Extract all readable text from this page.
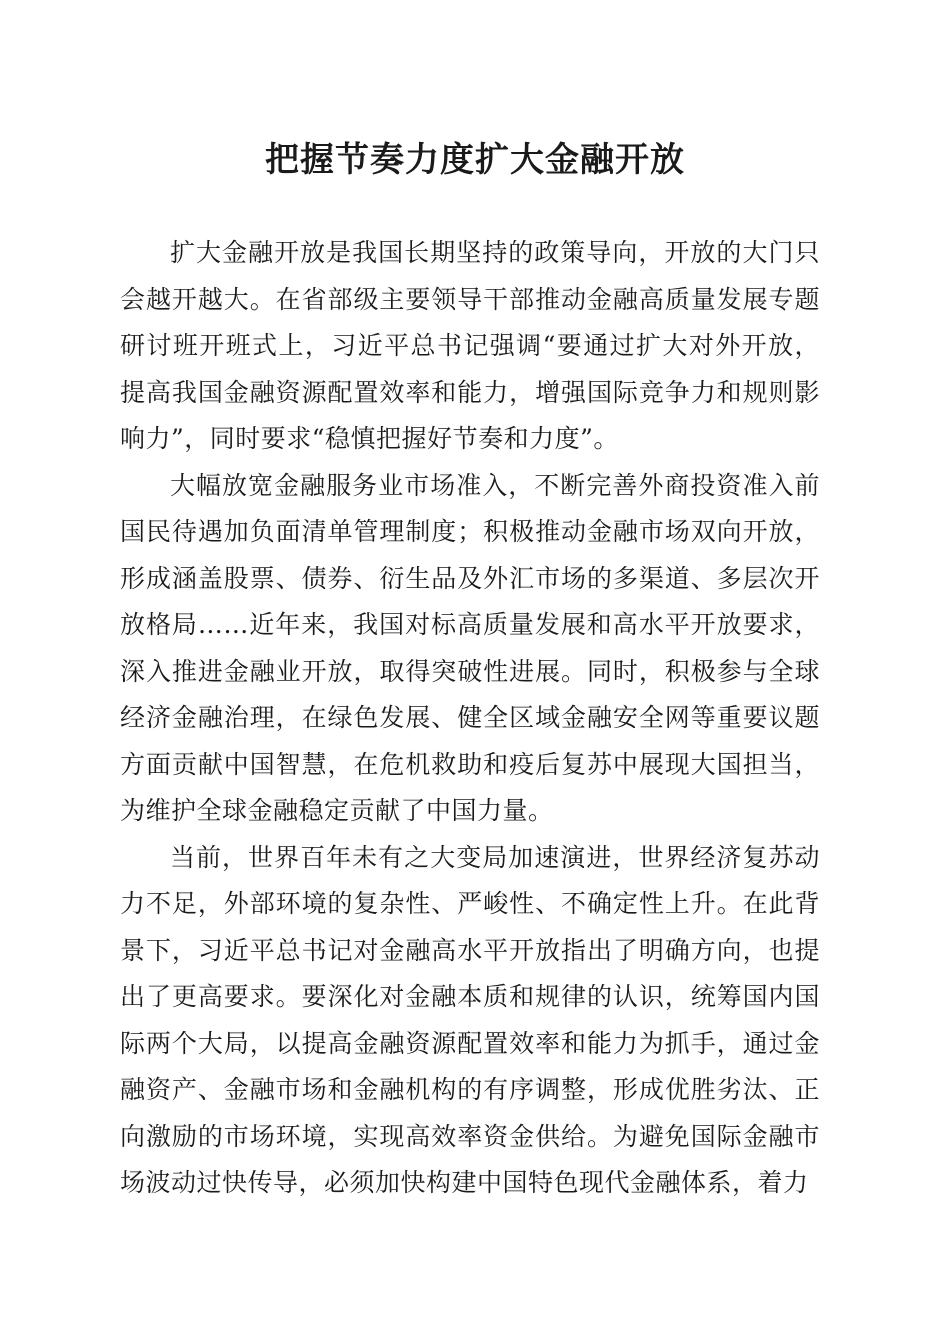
把握节奏力度扩大金融开放

扩大金融开放是我国长期坚持的政策导向，开放的大门只会越开越大。在省部级主要领导干部推动金融高质量发展专题研讨班开班式上，习近平总书记强调“要通过扩大对外开放，提高我国金融资源配置效率和能力，增强国际竞争力和规则影响力”，同时要求“稳慎把握好节奏和力度”。

大幅放宽金融服务业市场准入，不断完善外商投资准入前国民待遇加负面清单管理制度；积极推动金融市场双向开放，形成涵盖股票、债券、衍生品及外汇市场的多渠道、多层次开放格局……近年来，我国对标高质量发展和高水平开放要求，深入推进金融业开放，取得突破性进展。同时，积极参与全球经济金融治理，在绿色发展、健全区域金融安全网等重要议题方面贡献中国智慧，在危机救助和疫后复苏中展现大国担当，为维护全球金融稳定贡献了中国力量。

当前，世界百年未有之大变局加速演进，世界经济复苏动力不足，外部环境的复杂性、严峻性、不确定性上升。在此背景下，习近平总书记对金融高水平开放指出了明确方向，也提出了更高要求。要深化对金融本质和规律的认识，统筹国内国际两个大局，以提高金融资源配置效率和能力为抓手，通过金融资产、金融市场和金融机构的有序调整，形成优胜劣汰、正向激励的市场环境，实现高效率资金供给。为避免国际金融市场波动过快传导，必须加快构建中国特色现代金融体系，着力
